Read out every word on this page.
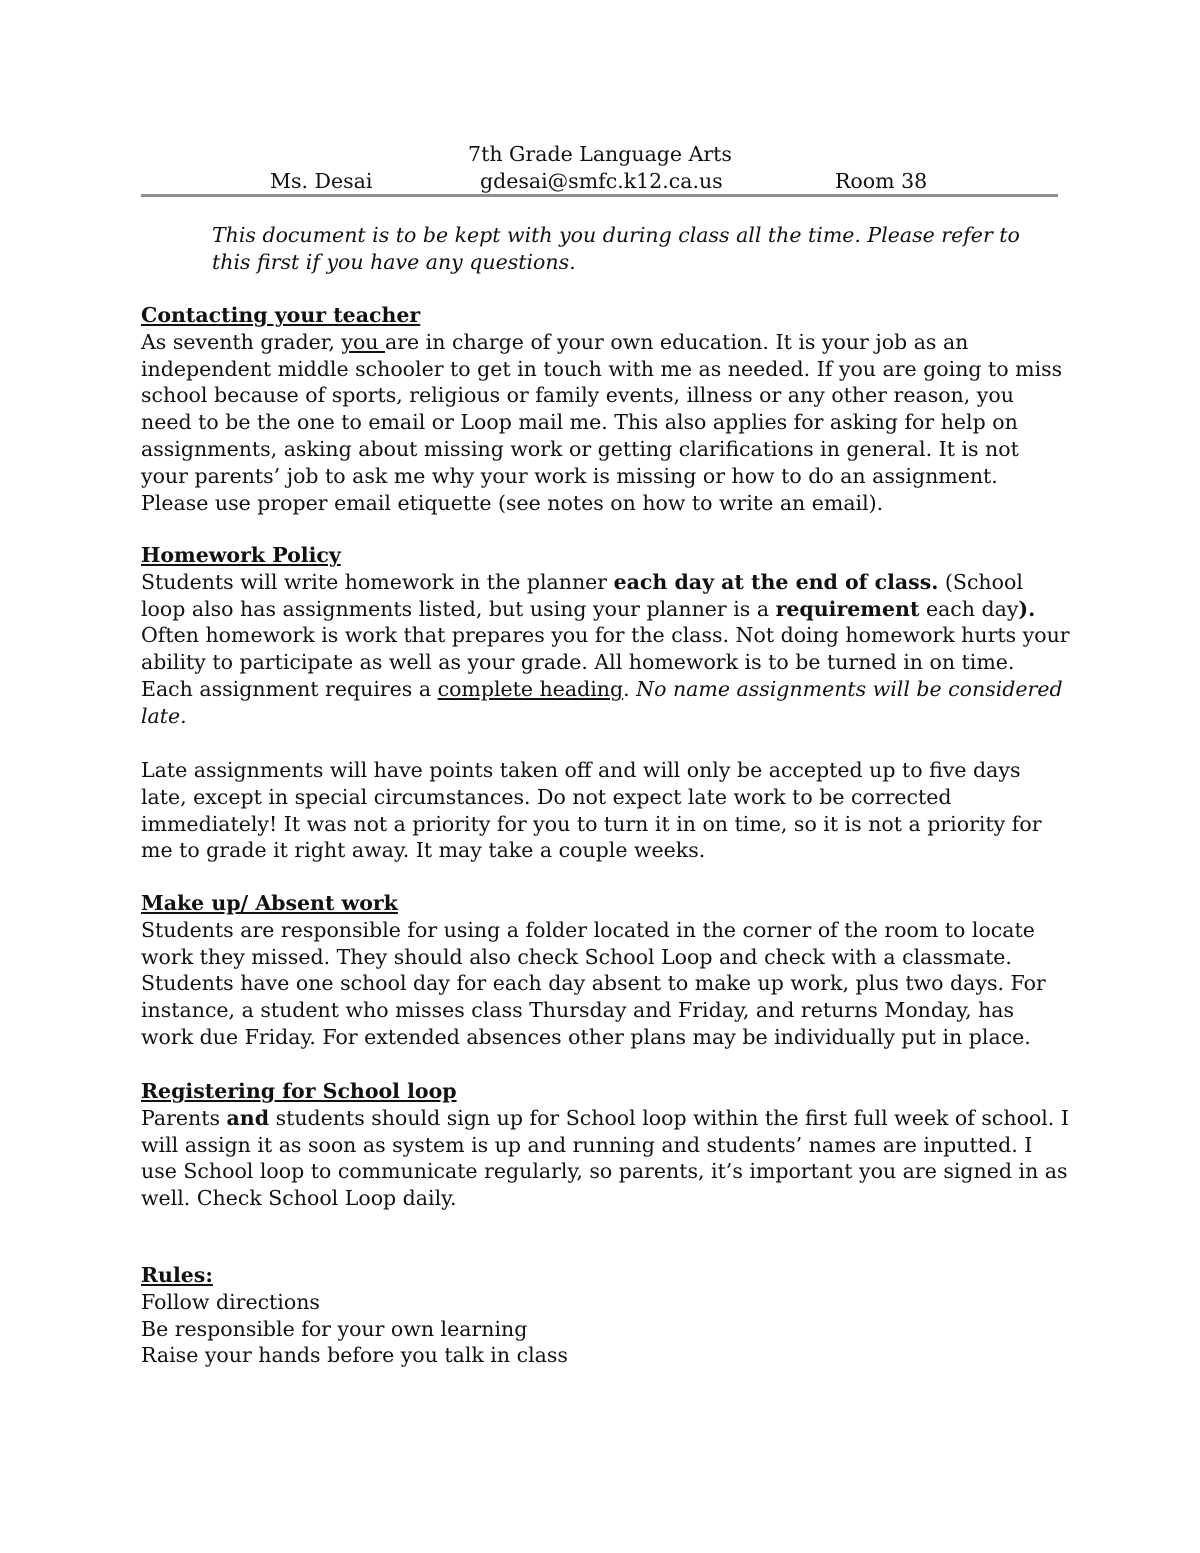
7th Grade Language Arts
Ms. Desai	gdesai@smfc.k12.ca.us	Room 38
This document is to be kept with you during class all the time. Please refer to
this first if you have any questions.
Contacting your teacher

As seventh grader, you are in charge of your own education. It is your job as an independent middle schooler to get in touch with me as needed. If you are going to miss school because of sports, religious or family events, illness or any other reason, you need to be the one to email or Loop mail me. This also applies for asking for help on assignments, asking about missing work or getting clarifications in general. It is not your parents’ job to ask me why your work is missing or how to do an assignment. Please use proper email etiquette (see notes on how to write an email).

Homework Policy

Students will write homework in the planner each day at the end of class. (School loop also has assignments listed, but using your planner is a requirement each day). Often homework is work that prepares you for the class. Not doing homework hurts your ability to participate as well as your grade. All homework is to be turned in on time. Each assignment requires a complete heading. No name assignments will be considered late.

Late assignments will have points taken off and will only be accepted up to five days late, except in special circumstances. Do not expect late work to be corrected immediately! It was not a priority for you to turn it in on time, so it is not a priority for me to grade it right away. It may take a couple weeks.

Make up/ Absent work

Students are responsible for using a folder located in the corner of the room to locate work they missed. They should also check School Loop and check with a classmate. Students have one school day for each day absent to make up work, plus two days. For instance, a student who misses class Thursday and Friday, and returns Monday, has work due Friday. For extended absences other plans may be individually put in place.

Registering for School loop

Parents and students should sign up for School loop within the first full week of school. I will assign it as soon as system is up and running and students’ names are inputted. I use School loop to communicate regularly, so parents, it’s important you are signed in as well. Check School Loop daily.

Rules:
Follow directions
Be responsible for your own learning
Raise your hands before you talk in class
